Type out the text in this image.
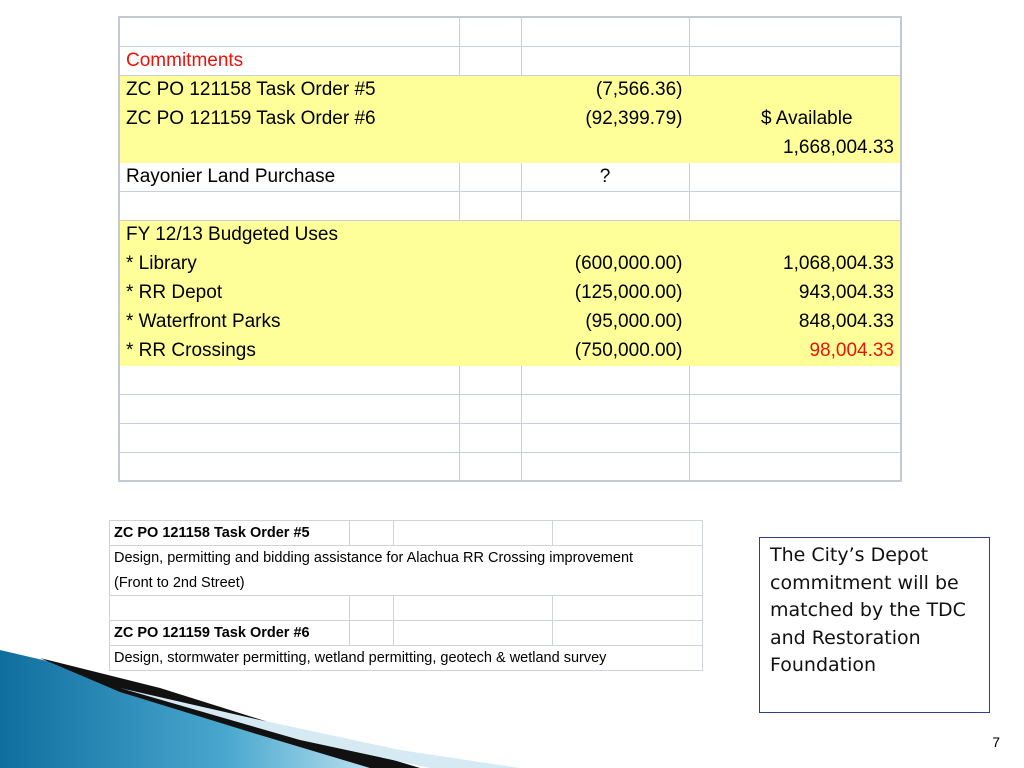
Commitments			
ZC PO 121158 Task Order #5		(7,566.36)	
ZC PO 121159 Task Order #6		(92,399.79)	$ Available
			1,668,004.33
Rayonier Land Purchase		?	

FY 12/13 Budgeted Uses			
* Library		(600,000.00)	1,068,004.33
* RR Depot		(125,000.00)	943,004.33
* Waterfront Parks		(95,000.00)	848,004.33
* RR Crossings		(750,000.00)	98,004.33

ZC PO 121158 Task Order #5			
Design, permitting and bidding assistance for Alachua RR Crossing improvement			
(Front to 2nd Street)			

ZC PO 121159 Task Order #6			
Design, stormwater permitting, wetland permitting, geotech & wetland survey			
The City’s Depot commitment will be matched by the TDC and Restoration Foundation
7
